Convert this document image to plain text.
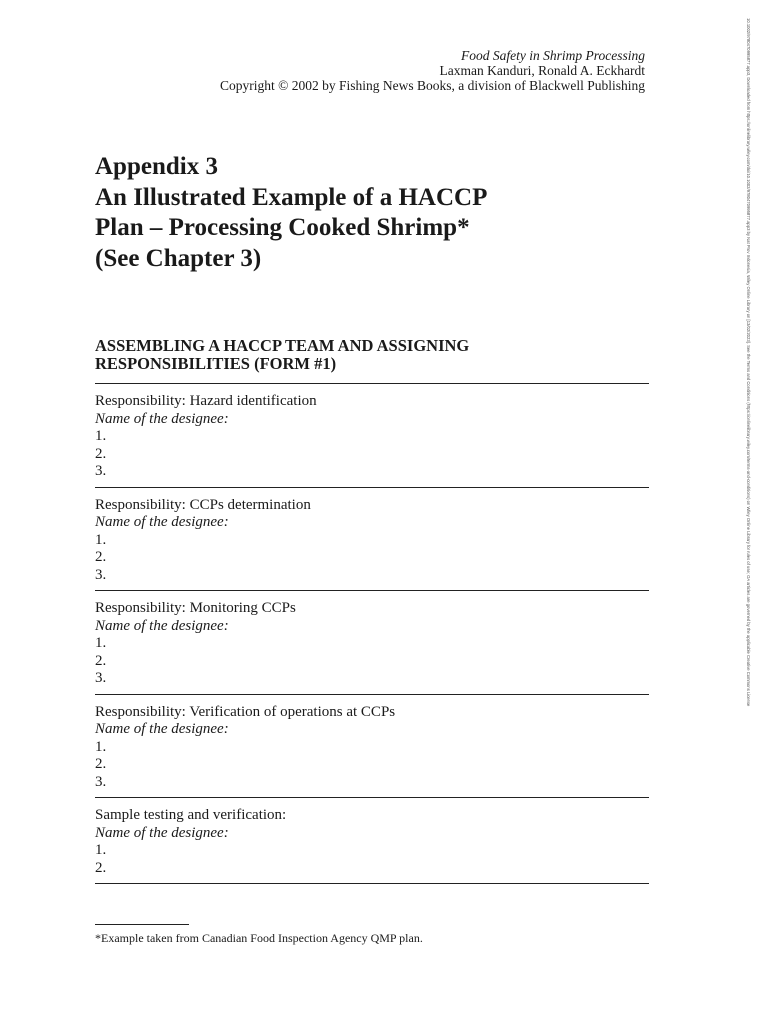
Food Safety in Shrimp Processing
Laxman Kanduri, Ronald A. Eckhardt
Copyright © 2002 by Fishing News Books, a division of Blackwell Publishing
Appendix 3
An Illustrated Example of a HACCP
Plan – Processing Cooked Shrimp*
(See Chapter 3)
ASSEMBLING A HACCP TEAM AND ASSIGNING
RESPONSIBILITIES (FORM #1)
Responsibility: Hazard identification
Name of the designee:
1.
2.
3.
Responsibility: CCPs determination
Name of the designee:
1.
2.
3.
Responsibility: Monitoring CCPs
Name of the designee:
1.
2.
3.
Responsibility: Verification of operations at CCPs
Name of the designee:
1.
2.
3.
Sample testing and verification:
Name of the designee:
1.
2.
*Example taken from Canadian Food Inspection Agency QMP plan.
10.1002/9780470995877.app3, Downloaded from https://onlinelibrary.wiley.com/doi/10.1002/9780470995877.app3 by Nat Prov Indonesia, Wiley Online Library on [13/02/2023]. See the Terms and Conditions (https://onlinelibrary.wiley.com/terms-and-conditions) on Wiley Online Library for rules of use; OA articles are governed by the applicable Creative Commons License
